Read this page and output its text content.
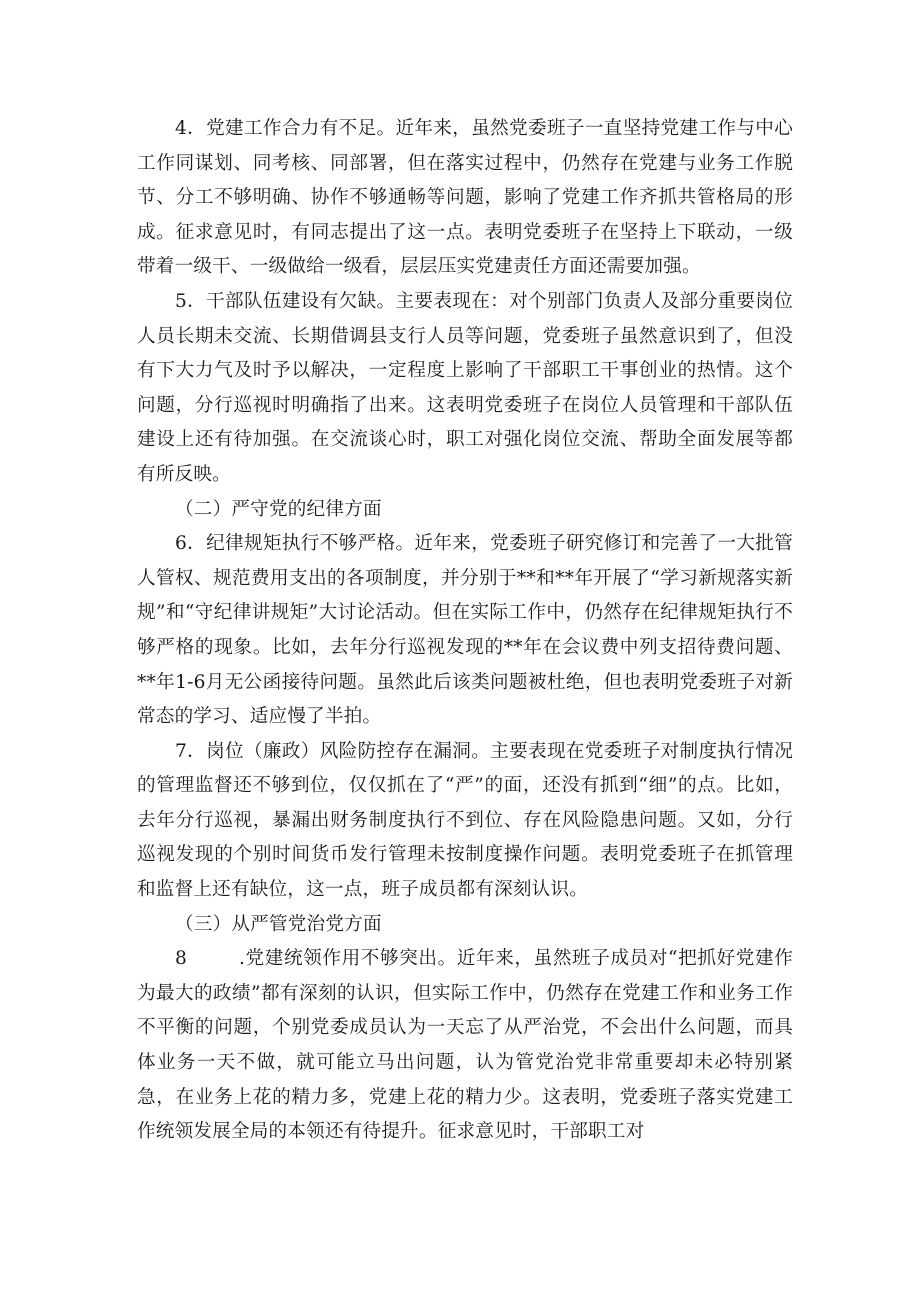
4．党建工作合力有不足。近年来，虽然党委班子一直坚持党建工作与中心工作同谋划、同考核、同部署，但在落实过程中，仍然存在党建与业务工作脱节、分工不够明确、协作不够通畅等问题，影响了党建工作齐抓共管格局的形成。征求意见时，有同志提出了这一点。表明党委班子在坚持上下联动，一级带着一级干、一级做给一级看，层层压实党建责任方面还需要加强。

5．干部队伍建设有欠缺。主要表现在：对个别部门负责人及部分重要岗位人员长期未交流、长期借调县支行人员等问题，党委班子虽然意识到了，但没有下大力气及时予以解决，一定程度上影响了干部职工干事创业的热情。这个问题，分行巡视时明确指了出来。这表明党委班子在岗位人员管理和干部队伍建设上还有待加强。在交流谈心时，职工对强化岗位交流、帮助全面发展等都有所反映。

（二）严守党的纪律方面

6．纪律规矩执行不够严格。近年来，党委班子研究修订和完善了一大批管人管权、规范费用支出的各项制度，并分别于**和**年开展了“学习新规落实新规”和“守纪律讲规矩”大讨论活动。但在实际工作中，仍然存在纪律规矩执行不够严格的现象。比如，去年分行巡视发现的**年在会议费中列支招待费问题、**年1-6月无公函接待问题。虽然此后该类问题被杜绝，但也表明党委班子对新常态的学习、适应慢了半拍。

7．岗位（廉政）风险防控存在漏洞。主要表现在党委班子对制度执行情况的管理监督还不够到位，仅仅抓在了“严”的面，还没有抓到“细”的点。比如，去年分行巡视，暴漏出财务制度执行不到位、存在风险隐患问题。又如，分行巡视发现的个别时间货币发行管理未按制度操作问题。表明党委班子在抓管理和监督上还有缺位，这一点，班子成员都有深刻认识。

（三）从严管党治党方面

8	.党建统领作用不够突出。近年来，虽然班子成员对“把抓好党建作为最大的政绩”都有深刻的认识，但实际工作中，仍然存在党建工作和业务工作不平衡的问题，个别党委成员认为一天忘了从严治党，不会出什么问题，而具体业务一天不做，就可能立马出问题，认为管党治党非常重要却未必特别紧急，在业务上花的精力多，党建上花的精力少。这表明，党委班子落实党建工作统领发展全局的本领还有待提升。征求意见时，干部职工对
